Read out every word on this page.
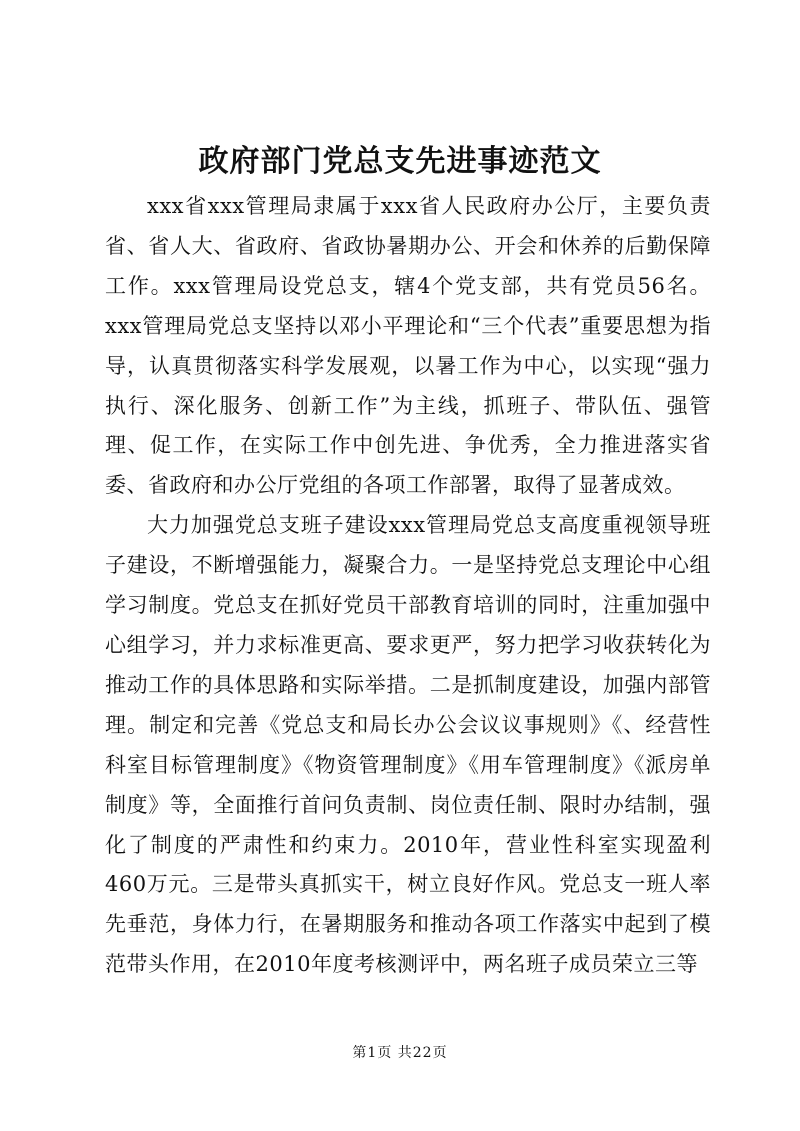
政府部门党总支先进事迹范文

xxx省xxx管理局隶属于xxx省人民政府办公厅，主要负责省、省人大、省政府、省政协暑期办公、开会和休养的后勤保障工作。xxx管理局设党总支，辖4个党支部，共有党员56名。xxx管理局党总支坚持以邓小平理论和“三个代表”重要思想为指导，认真贯彻落实科学发展观，以暑工作为中心，以实现“强力执行、深化服务、创新工作”为主线，抓班子、带队伍、强管理、促工作，在实际工作中创先进、争优秀，全力推进落实省委、省政府和办公厅党组的各项工作部署，取得了显著成效。

大力加强党总支班子建设xxx管理局党总支高度重视领导班子建设，不断增强能力，凝聚合力。一是坚持党总支理论中心组学习制度。党总支在抓好党员干部教育培训的同时，注重加强中心组学习，并力求标准更高、要求更严，努力把学习收获转化为推动工作的具体思路和实际举措。二是抓制度建设，加强内部管理。制定和完善《党总支和局长办公会议议事规则》《、经营性科室目标管理制度》《物资管理制度》《用车管理制度》《派房单制度》等，全面推行首问负责制、岗位责任制、限时办结制，强化了制度的严肃性和约束力。2010年，营业性科室实现盈利460万元。三是带头真抓实干，树立良好作风。党总支一班人率先垂范，身体力行，在暑期服务和推动各项工作落实中起到了模范带头作用，在2010年度考核测评中，两名班子成员荣立三等

第1页 共22页
